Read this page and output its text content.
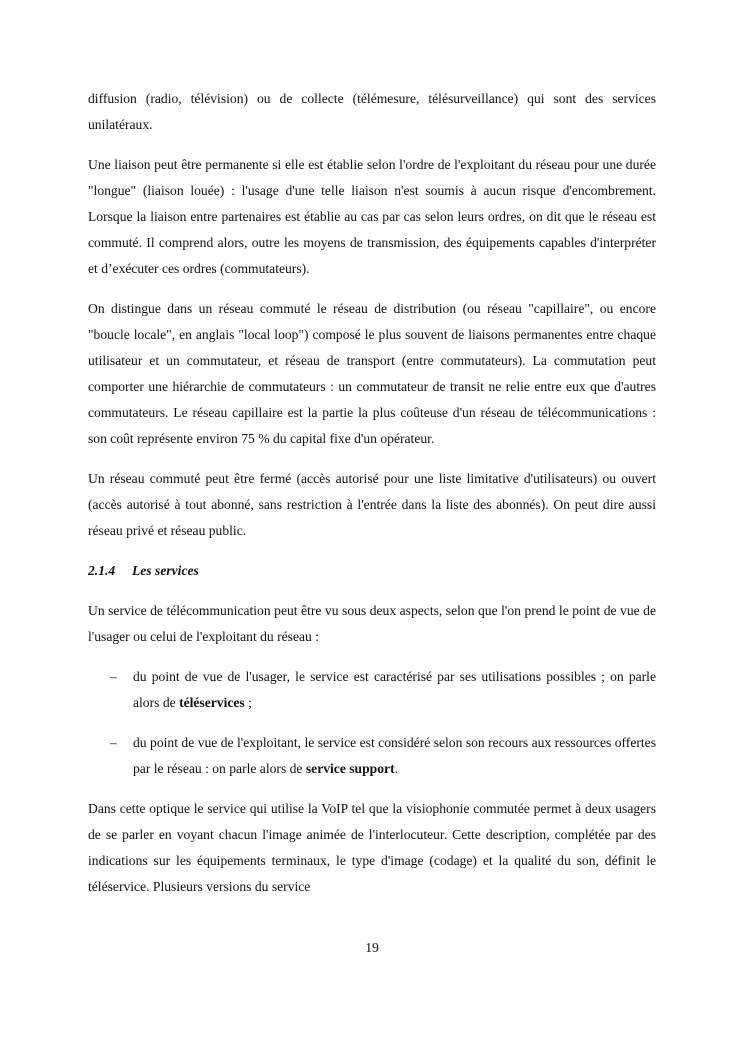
diffusion (radio, télévision) ou de collecte (télémesure, télésurveillance) qui sont des services unilatéraux.

Une liaison peut être permanente si elle est établie selon l'ordre de l'exploitant du réseau pour une durée "longue" (liaison louée) : l'usage d'une telle liaison n'est soumis à aucun risque d'encombrement. Lorsque la liaison entre partenaires est établie au cas par cas selon leurs ordres, on dit que le réseau est commuté. Il comprend alors, outre les moyens de transmission, des équipements capables d'interpréter et d’exécuter ces ordres (commutateurs).

On distingue dans un réseau commuté le réseau de distribution (ou réseau "capillaire", ou encore "boucle locale", en anglais "local loop") composé le plus souvent de liaisons permanentes entre chaque utilisateur et un commutateur, et réseau de transport (entre commutateurs). La commutation peut comporter une hiérarchie de commutateurs : un commutateur de transit ne relie entre eux que d'autres commutateurs. Le réseau capillaire est la partie la plus coûteuse d'un réseau de télécommunications : son coût représente environ 75 % du capital fixe d'un opérateur.

Un réseau commuté peut être fermé (accès autorisé pour une liste limitative d'utilisateurs) ou ouvert (accès autorisé à tout abonné, sans restriction à l'entrée dans la liste des abonnés). On peut dire aussi réseau privé et réseau public.

2.1.4 Les services

Un service de télécommunication peut être vu sous deux aspects, selon que l'on prend le point de vue de l'usager ou celui de l'exploitant du réseau :

– du point de vue de l'usager, le service est caractérisé par ses utilisations possibles ; on parle alors de téléservices ;
– du point de vue de l'exploitant, le service est considéré selon son recours aux ressources offertes par le réseau : on parle alors de service support.

Dans cette optique le service qui utilise la VoIP tel que la visiophonie commutée permet à deux usagers de se parler en voyant chacun l'image animée de l'interlocuteur. Cette description, complétée par des indications sur les équipements terminaux, le type d'image (codage) et la qualité du son, définit le téléservice. Plusieurs versions du service

19
